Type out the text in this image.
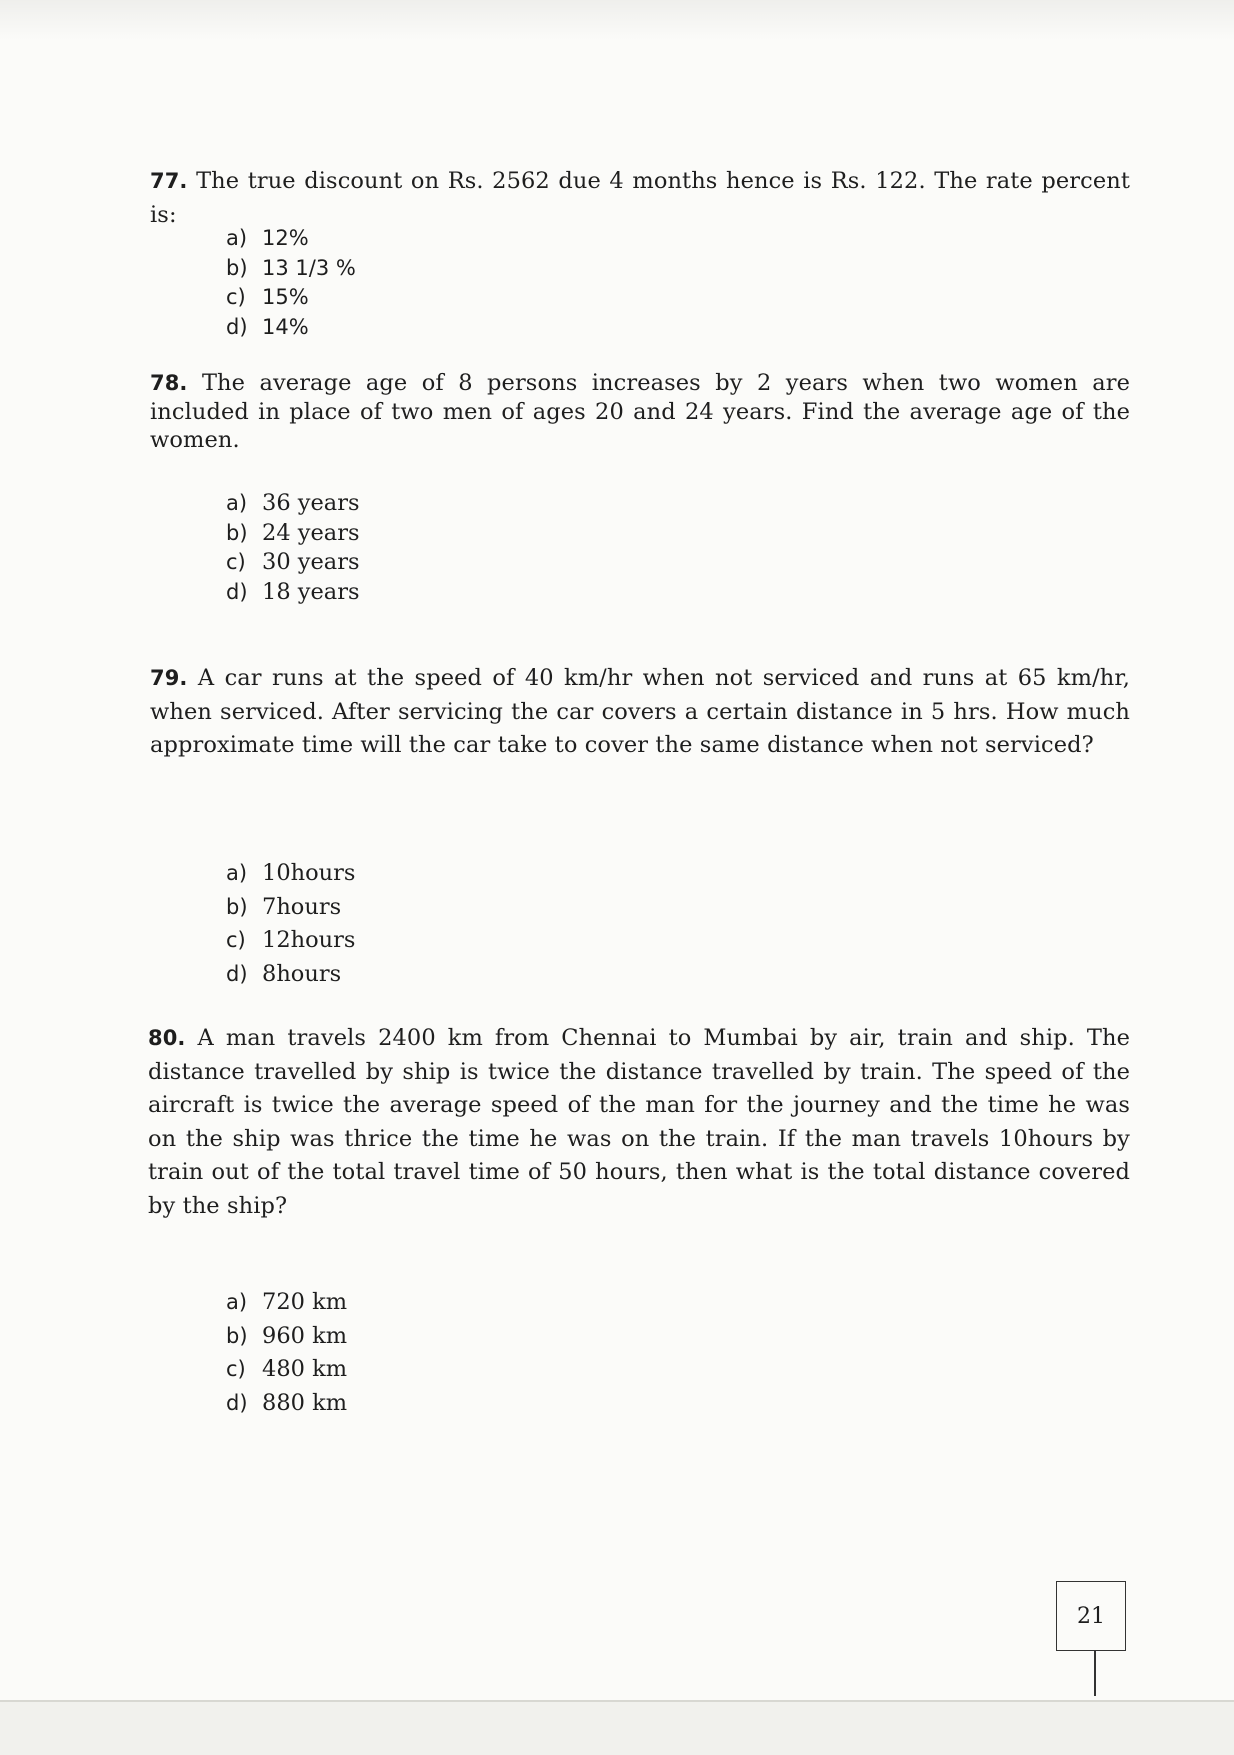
77. The true discount on Rs. 2562 due 4 months hence is Rs. 122. The rate percent is:
a) 12%
b) 13 1/3 %
c) 15%
d) 14%
78. The average age of 8 persons increases by 2 years when two women are included in place of two men of ages 20 and 24 years. Find the average age of the women.
a) 36 years
b) 24 years
c) 30 years
d) 18 years
79. A car runs at the speed of 40 km/hr when not serviced and runs at 65 km/hr, when serviced. After servicing the car covers a certain distance in 5 hrs. How much approximate time will the car take to cover the same distance when not serviced?
a) 10hours
b) 7hours
c) 12hours
d) 8hours
80. A man travels 2400 km from Chennai to Mumbai by air, train and ship. The distance travelled by ship is twice the distance travelled by train. The speed of the aircraft is twice the average speed of the man for the journey and the time he was on the ship was thrice the time he was on the train. If the man travels 10hours by train out of the total travel time of 50 hours, then what is the total distance covered by the ship?
a) 720 km
b) 960 km
c) 480 km
d) 880 km
21
